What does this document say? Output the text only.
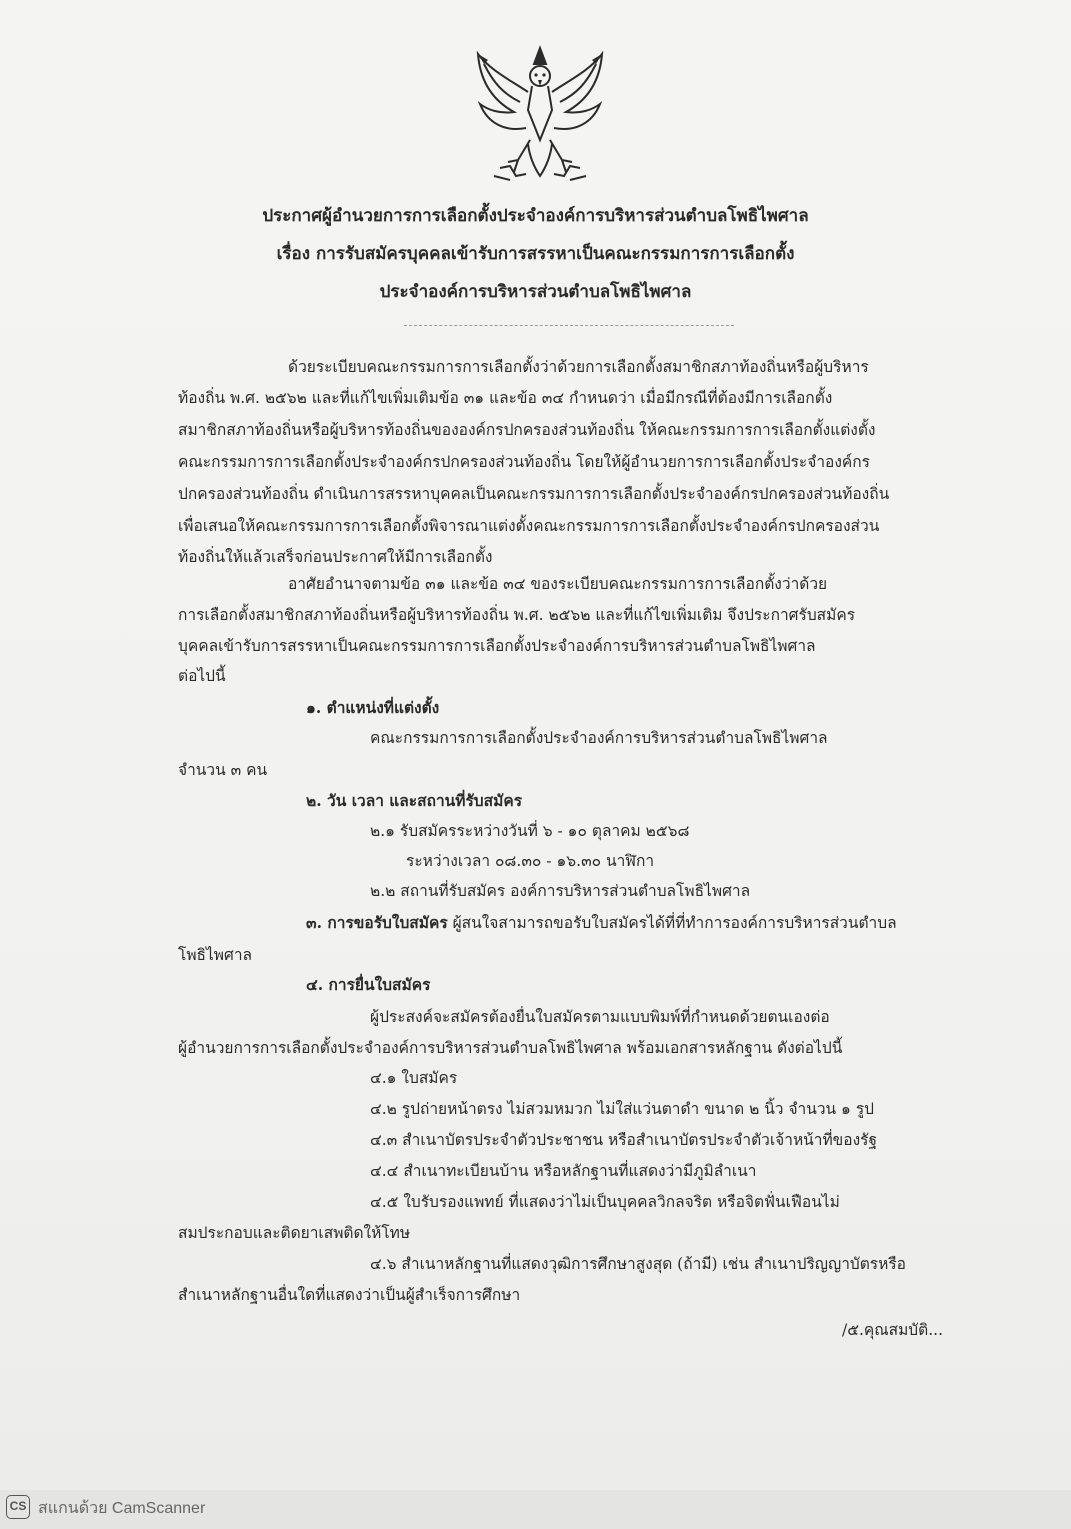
ประกาศผู้อำนวยการการเลือกตั้งประจำองค์การบริหารส่วนตำบลโพธิไพศาล
เรื่อง การรับสมัครบุคคลเข้ารับการสรรหาเป็นคณะกรรมการการเลือกตั้ง
ประจำองค์การบริหารส่วนตำบลโพธิไพศาล
ด้วยระเบียบคณะกรรมการการเลือกตั้งว่าด้วยการเลือกตั้งสมาชิกสภาท้องถิ่นหรือผู้บริหาร
ท้องถิ่น พ.ศ. ๒๕๖๒ และที่แก้ไขเพิ่มเติมข้อ ๓๑ และข้อ ๓๔ กำหนดว่า เมื่อมีกรณีที่ต้องมีการเลือกตั้ง
สมาชิกสภาท้องถิ่นหรือผู้บริหารท้องถิ่นขององค์กรปกครองส่วนท้องถิ่น ให้คณะกรรมการการเลือกตั้งแต่งตั้ง
คณะกรรมการการเลือกตั้งประจำองค์กรปกครองส่วนท้องถิ่น โดยให้ผู้อำนวยการการเลือกตั้งประจำองค์กร
ปกครองส่วนท้องถิ่น ดำเนินการสรรหาบุคคลเป็นคณะกรรมการการเลือกตั้งประจำองค์กรปกครองส่วนท้องถิ่น
เพื่อเสนอให้คณะกรรมการการเลือกตั้งพิจารณาแต่งตั้งคณะกรรมการการเลือกตั้งประจำองค์กรปกครองส่วน
ท้องถิ่นให้แล้วเสร็จก่อนประกาศให้มีการเลือกตั้ง
อาศัยอำนาจตามข้อ ๓๑ และข้อ ๓๔ ของระเบียบคณะกรรมการการเลือกตั้งว่าด้วย
การเลือกตั้งสมาชิกสภาท้องถิ่นหรือผู้บริหารท้องถิ่น พ.ศ. ๒๕๖๒ และที่แก้ไขเพิ่มเติม จึงประกาศรับสมัคร
บุคคลเข้ารับการสรรหาเป็นคณะกรรมการการเลือกตั้งประจำองค์การบริหารส่วนตำบลโพธิไพศาล
ต่อไปนี้
๑. ตำแหน่งที่แต่งตั้ง
คณะกรรมการการเลือกตั้งประจำองค์การบริหารส่วนตำบลโพธิไพศาล
จำนวน ๓ คน
๒. วัน เวลา และสถานที่รับสมัคร
๒.๑ รับสมัครระหว่างวันที่ ๖ - ๑๐ ตุลาคม ๒๕๖๘
ระหว่างเวลา ๐๘.๓๐ - ๑๖.๓๐ นาฬิกา
๒.๒ สถานที่รับสมัคร องค์การบริหารส่วนตำบลโพธิไพศาล
๓. การขอรับใบสมัคร ผู้สนใจสามารถขอรับใบสมัครได้ที่ที่ทำการองค์การบริหารส่วนตำบล
โพธิไพศาล
๔. การยื่นใบสมัคร
ผู้ประสงค์จะสมัครต้องยื่นใบสมัครตามแบบพิมพ์ที่กำหนดด้วยตนเองต่อ
ผู้อำนวยการการเลือกตั้งประจำองค์การบริหารส่วนตำบลโพธิไพศาล พร้อมเอกสารหลักฐาน ดังต่อไปนี้
๔.๑ ใบสมัคร
๔.๒ รูปถ่ายหน้าตรง ไม่สวมหมวก ไม่ใส่แว่นตาดำ ขนาด ๒ นิ้ว จำนวน ๑ รูป
๔.๓ สำเนาบัตรประจำตัวประชาชน หรือสำเนาบัตรประจำตัวเจ้าหน้าที่ของรัฐ
๔.๔ สำเนาทะเบียนบ้าน หรือหลักฐานที่แสดงว่ามีภูมิลำเนา
๔.๕ ใบรับรองแพทย์ ที่แสดงว่าไม่เป็นบุคคลวิกลจริต หรือจิตฟั่นเฟือนไม่
สมประกอบและติดยาเสพติดให้โทษ
๔.๖ สำเนาหลักฐานที่แสดงวุฒิการศึกษาสูงสุด (ถ้ามี) เช่น สำเนาปริญญาบัตรหรือ
สำเนาหลักฐานอื่นใดที่แสดงว่าเป็นผู้สำเร็จการศึกษา
/๕.คุณสมบัติ...
CS สแกนด้วย CamScanner
